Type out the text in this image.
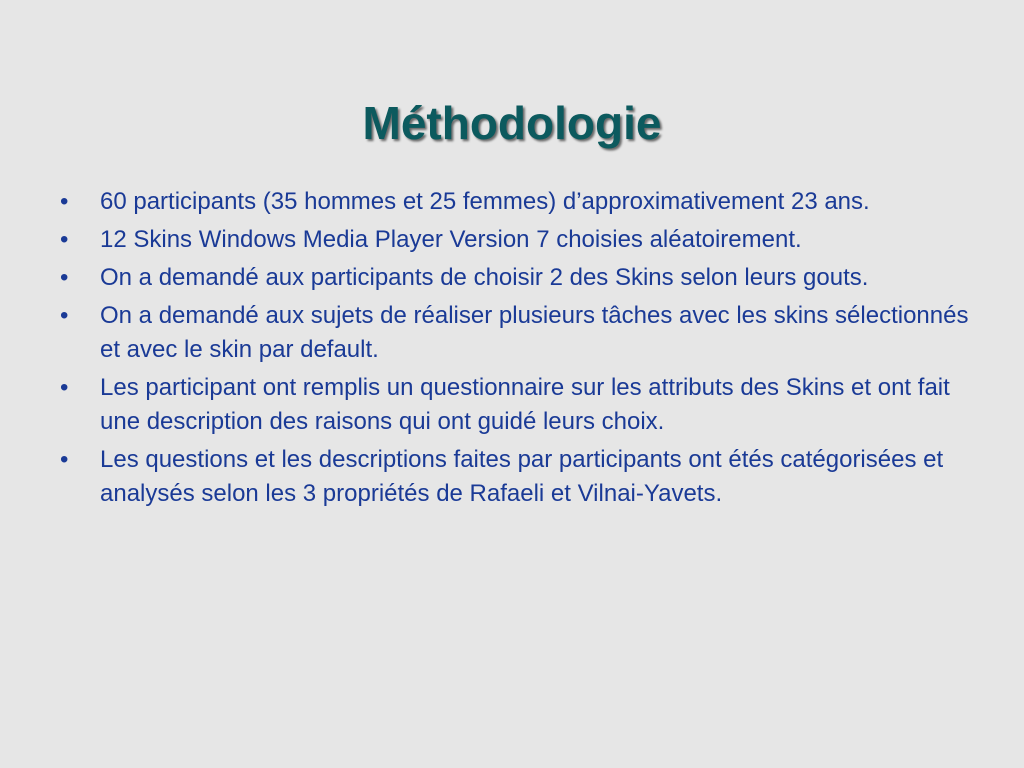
Méthodologie
•	60 participants (35 hommes et 25 femmes) d’approximativement 23 ans.
•	12 Skins Windows Media Player Version 7 choisies aléatoirement.
•	On a demandé aux participants de choisir 2 des Skins selon leurs gouts.
•	On a demandé aux sujets de réaliser plusieurs tâches avec les skins sélectionnés et avec le skin par default.
•	Les participant ont remplis un questionnaire sur les attributs des Skins et ont fait une description des raisons qui ont guidé leurs choix.
•	Les questions et les descriptions faites par participants ont étés catégorisées et analysés selon les 3 propriétés de Rafaeli et Vilnai-Yavets.
